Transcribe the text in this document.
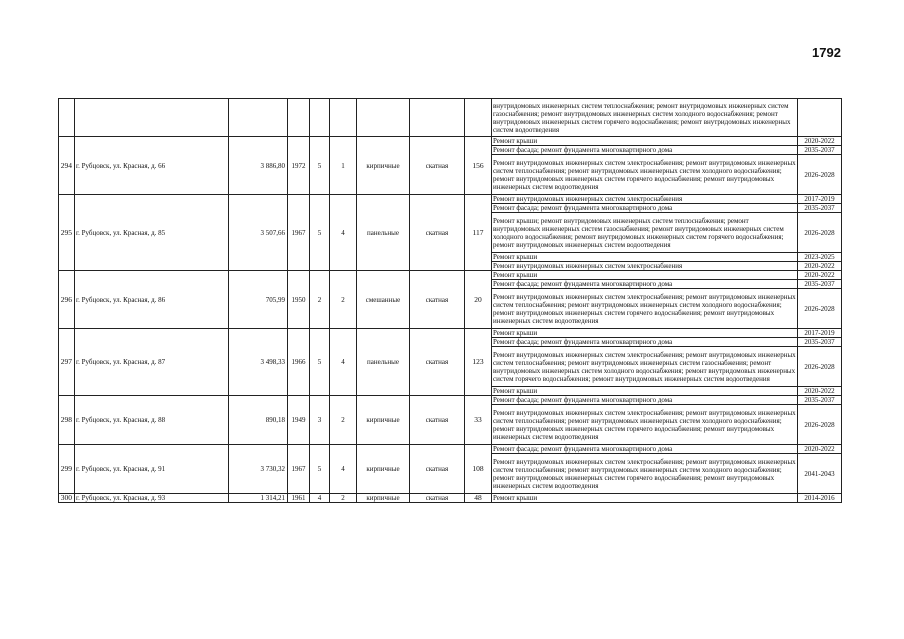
1792
									внутридомовых инженерных систем теплоснабжения; ремонт внутридомовых инженерных систем газоснабжения; ремонт внутридомовых инженерных систем холодного водоснабжения; ремонт внутридомовых инженерных систем горячего водоснабжения; ремонт внутридомовых инженерных систем водоотведения	
294	г. Рубцовск, ул. Красная, д. 66	3 886,80	1972	5	1	кирпичные	скатная	156	Ремонт крыши	2020-2022
									Ремонт фасада; ремонт фундамента многоквартирного дома	2035-2037
									Ремонт внутридомовых инженерных систем электроснабжения; ремонт внутридомовых инженерных систем теплоснабжения; ремонт внутридомовых инженерных систем холодного водоснабжения; ремонт внутридомовых инженерных систем горячего водоснабжения; ремонт внутридомовых инженерных систем водоотведения	2026-2028
295	г. Рубцовск, ул. Красная, д. 85	3 507,66	1967	5	4	панельные	скатная	117	Ремонт внутридомовых инженерных систем электроснабжения	2017-2019
									Ремонт фасада; ремонт фундамента многоквартирного дома	2035-2037
									Ремонт крыши; ремонт внутридомовых инженерных систем теплоснабжения; ремонт внутридомовых инженерных систем газоснабжения; ремонт внутридомовых инженерных систем холодного водоснабжения; ремонт внутридомовых инженерных систем горячего водоснабжения; ремонт внутридомовых инженерных систем водоотведения	2026-2028
									Ремонт крыши	2023-2025
									Ремонт внутридомовых инженерных систем электроснабжения	2020-2022
296	г. Рубцовск, ул. Красная, д. 86	705,99	1950	2	2	смешанные	скатная	20	Ремонт крыши	2020-2022
									Ремонт фасада; ремонт фундамента многоквартирного дома	2035-2037
									Ремонт внутридомовых инженерных систем электроснабжения; ремонт внутридомовых инженерных систем теплоснабжения; ремонт внутридомовых инженерных систем холодного водоснабжения; ремонт внутридомовых инженерных систем горячего водоснабжения; ремонт внутридомовых инженерных систем водоотведения	2026-2028
297	г. Рубцовск, ул. Красная, д. 87	3 498,33	1966	5	4	панельные	скатная	123	Ремонт крыши	2017-2019
									Ремонт фасада; ремонт фундамента многоквартирного дома	2035-2037
									Ремонт внутридомовых инженерных систем электроснабжения; ремонт внутридомовых инженерных систем теплоснабжения; ремонт внутридомовых инженерных систем газоснабжения; ремонт внутридомовых инженерных систем холодного водоснабжения; ремонт внутридомовых инженерных систем горячего водоснабжения; ремонт внутридомовых инженерных систем водоотведения	2026-2028
									Ремонт крыши	2020-2022
298	г. Рубцовск, ул. Красная, д. 88	890,18	1949	3	2	кирпичные	скатная	33	Ремонт фасада; ремонт фундамента многоквартирного дома	2035-2037
									Ремонт внутридомовых инженерных систем электроснабжения; ремонт внутридомовых инженерных систем теплоснабжения; ремонт внутридомовых инженерных систем холодного водоснабжения; ремонт внутридомовых инженерных систем горячего водоснабжения; ремонт внутридомовых инженерных систем водоотведения	2026-2028
299	г. Рубцовск, ул. Красная, д. 91	3 730,32	1967	5	4	кирпичные	скатная	108	Ремонт фасада; ремонт фундамента многоквартирного дома	2020-2022
									Ремонт внутридомовых инженерных систем электроснабжения; ремонт внутридомовых инженерных систем теплоснабжения; ремонт внутридомовых инженерных систем холодного водоснабжения; ремонт внутридомовых инженерных систем горячего водоснабжения; ремонт внутридомовых инженерных систем водоотведения	2041-2043
300	г. Рубцовск, ул. Красная, д. 93	1 314,21	1961	4	2	кирпичные	скатная	48	Ремонт крыши	2014-2016
